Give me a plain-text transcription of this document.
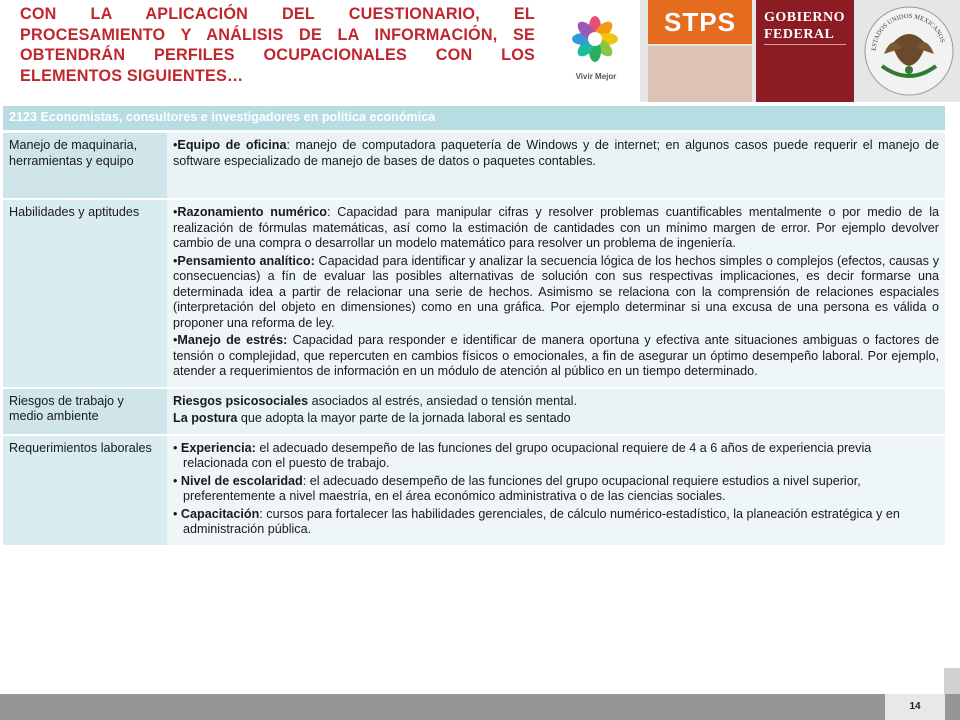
CON LA APLICACIÓN DEL CUESTIONARIO, EL PROCESAMIENTO Y ANÁLISIS DE LA INFORMACIÓN, SE OBTENDRÁN PERFILES OCUPACIONALES CON LOS ELEMENTOS SIGUIENTES…	Vivir Mejor
STPS	GOBIERNO
FEDERAL
ESTADOS UNIDOS MEXICANOS
2123 Economistas, consultores e investigadores en política económica	
Manejo de maquinaria, herramientas y equipo	•Equipo de oficina: manejo de computadora paquetería de Windows y de internet; en algunos casos puede requerir el manejo de software especializado de manejo de bases de datos o paquetes contables.

Habilidades y aptitudes	•Razonamiento numérico: Capacidad para manipular cifras y resolver problemas cuantificables mentalmente o por medio de la realización de fórmulas matemáticas, así como la estimación de cantidades con un mínimo margen de error. Por ejemplo devolver cambio de una compra o desarrollar un modelo matemático para resolver un problema de ingeniería.

•Pensamiento analítico: Capacidad para identificar y analizar la secuencia lógica de los hechos simples o complejos (efectos, causas y consecuencias) a fín de evaluar las posibles alternativas de solución con sus respectivas implicaciones, es decir formarse una determinada idea a partir de relacionar una serie de hechos. Asimismo se relaciona con la comprensión de relaciones espaciales (interpretación del objeto en dimensiones) como en una gráfica. Por ejemplo determinar si una excusa de una persona es válida o proponer una reforma de ley.

•Manejo de estrés: Capacidad para responder e identificar de manera oportuna y efectiva ante situaciones ambiguas o factores de tensión o complejidad, que repercuten en cambios físicos o emocionales, a fin de asegurar un óptimo desempeño laboral. Por ejemplo, atender a requerimientos de información en un módulo de atención al público en un tiempo determinado.

Riesgos de trabajo y medio ambiente	Riesgos psicosociales asociados al estrés, ansiedad o tensión mental.

La postura que adopta la mayor parte de la jornada laboral es sentado

Requerimientos laborales	• Experiencia: el adecuado desempeño de las funciones del grupo ocupacional requiere de 4 a 6 años de experiencia previa relacionada con el puesto de trabajo.

• Nivel de escolaridad: el adecuado desempeño de las funciones del grupo ocupacional requiere estudios a nivel superior, preferentemente a nivel maestría, en el área económico administrativa o de las ciencias sociales.

• Capacitación: cursos para fortalecer las habilidades gerenciales, de cálculo numérico-estadístico, la planeación estratégica y en administración pública.

14
